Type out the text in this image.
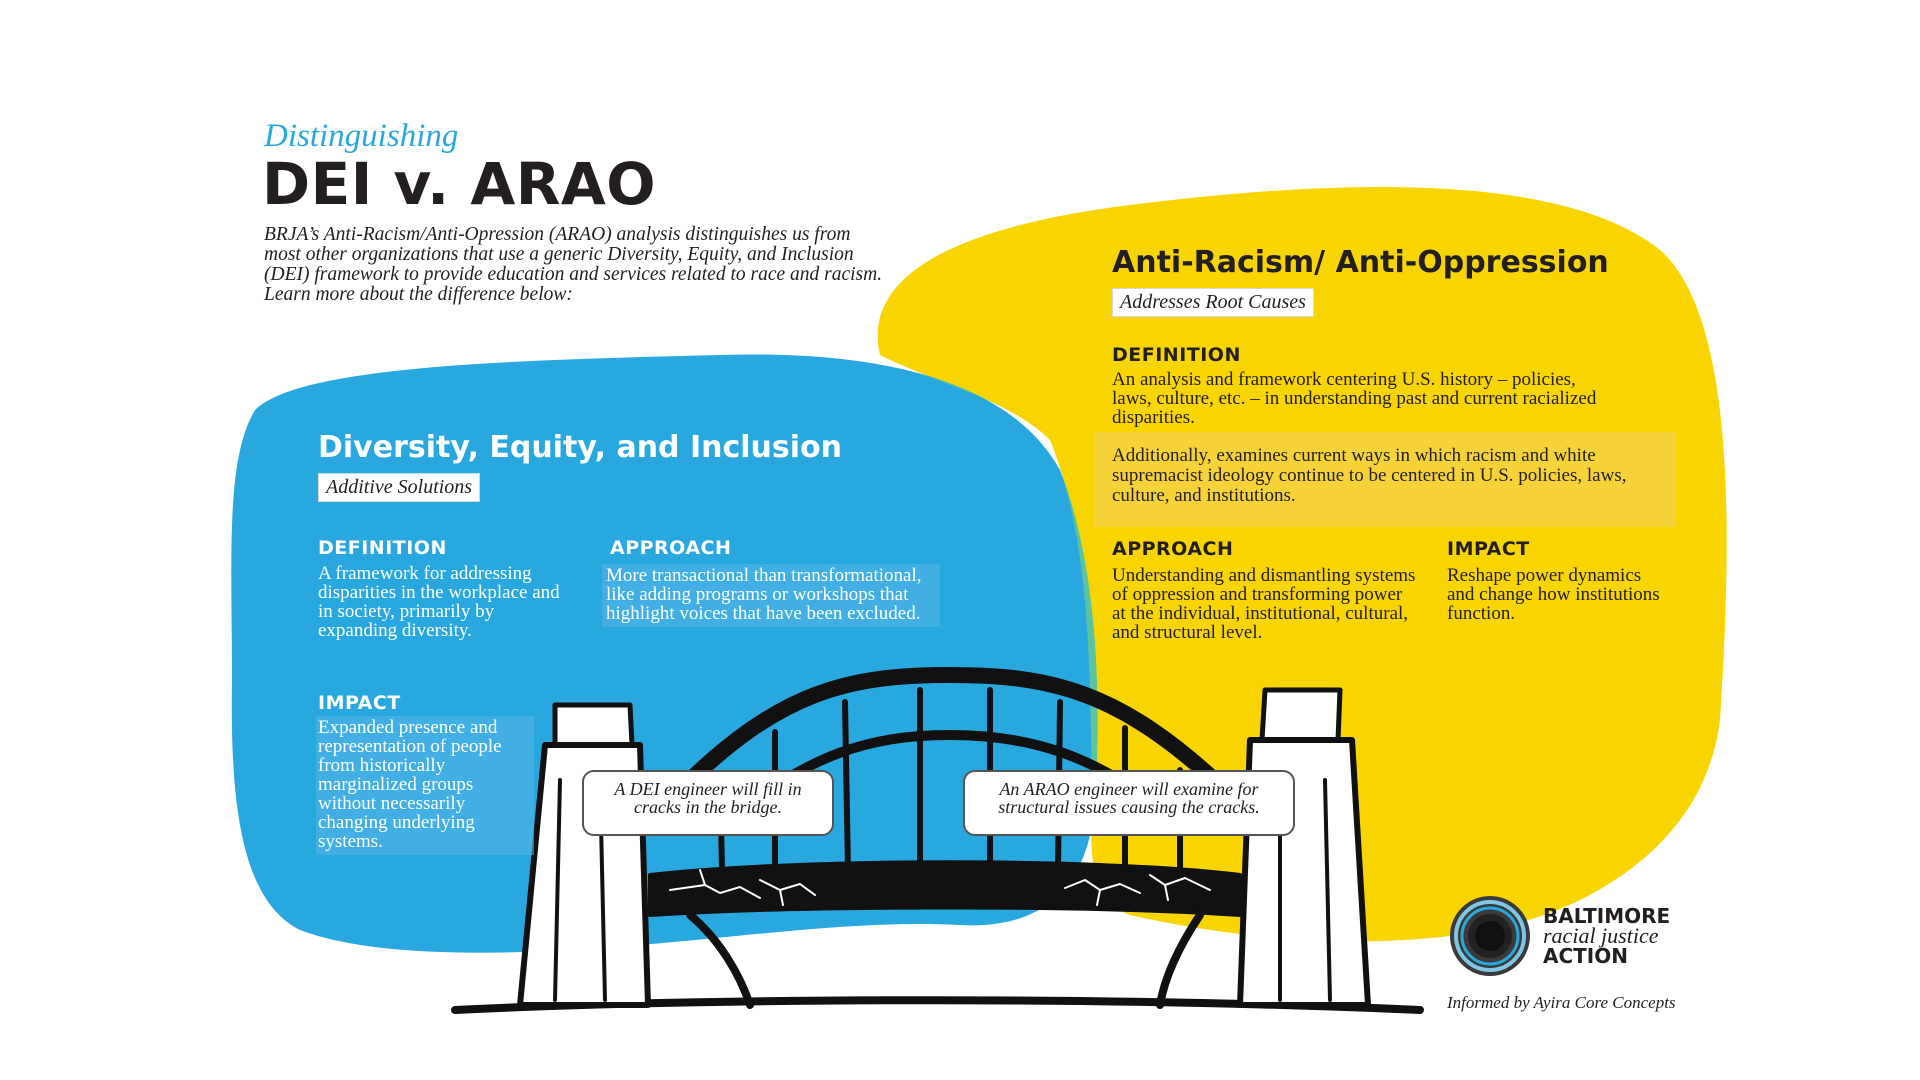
Distinguishing
DEI v. ARAO
BRJA’s Anti-Racism/Anti-Opression (ARAO) analysis distinguishes us from most other organizations that use a generic Diversity, Equity, and Inclusion (DEI) framework to provide education and services related to race and racism. Learn more about the difference below:
Diversity, Equity, and Inclusion
Additive Solutions
DEFINITION
A framework for addressing disparities in the workplace and in society, primarily by expanding diversity.
APPROACH
More transactional than transformational, like adding programs or workshops that highlight voices that have been excluded.
IMPACT
Expanded presence and representation of people from historically marginalized groups without necessarily changing underlying systems.
Anti-Racism/ Anti-Oppression
Addresses Root Causes
DEFINITION
An analysis and framework centering U.S. history – policies, laws, culture, etc. – in understanding past and current racialized disparities.
Additionally, examines current ways in which racism and white supremacist ideology continue to be centered in U.S. policies, laws, culture, and institutions.
APPROACH
Understanding and dismantling systems of oppression and transforming power at the individual, institutional, cultural, and structural level.
IMPACT
Reshape power dynamics and change how institutions function.
A DEI engineer will fill in cracks in the bridge.
An ARAO engineer will examine for structural issues causing the cracks.
BALTIMORE
racial justice
ACTION
Informed by Ayira Core Concepts
